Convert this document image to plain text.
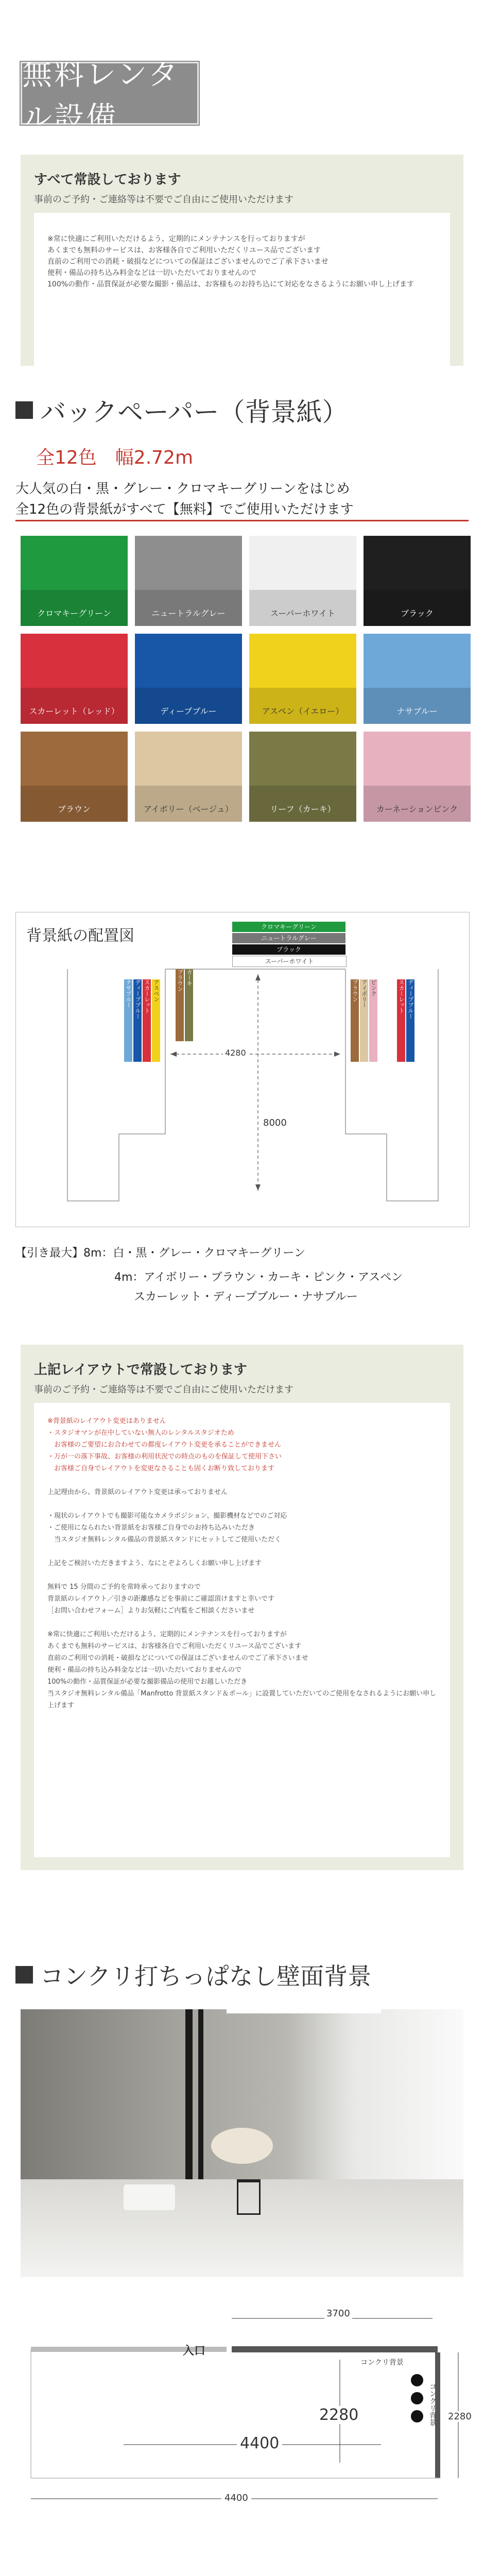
無料レンタル設備
すべて常設しております
事前のご予約・ご連絡等は不要でご自由にご使用いただけます
※常に快適にご利用いただけるよう、定期的にメンテナンスを行っておりますが
あくまでも無料のサービスは、お客様各自でご利用いただくリユース品でございます
直前のご利用での消耗・破損などについての保証はございませんのでご了承下さいませ
便利・備品の持ち込み料金などは一切いただいておりませんので
100%の動作・品質保証が必要な撮影・備品は、お客様ものお持ち込にて対応をなさるようにお願い申し上げます
バックペーパー（背景紙）
全12色　幅2.72m
大人気の白・黒・グレー・クロマキーグリーンをはじめ
全12色の背景紙がすべて【無料】でご使用いただけます
クロマキーグリーン	ニュートラルグレー	スーパーホワイト	ブラック
スカーレット（レッド）	ディープブルー	アスペン（イエロー）	ナサブルー
ブラウン	アイボリー（ベージュ）	リーフ（カーキ）	カーネーションピンク
背景紙の配置図	クロマキーグリーン
ニュートラルグレー
ブラック
スーパーホワイト
4280
8000
ナサブルー ディープブルー スカーレット アスペン	ブラウン カーキ
ブラウン アイボリー ピンク	スカーレット ディープブルー
【引き最大】8m：白・黒・グレー・クロマキーグリーン
4m：アイボリー・ブラウン・カーキ・ピンク・アスペン
スカーレット・ディープブルー・ナサブルー
上記レイアウトで常設しております
事前のご予約・ご連絡等は不要でご自由にご使用いただけます
※背景紙のレイアウト変更はありません
・スタジオマンが在中していない無人のレンタルスタジオため
　お客様のご要望にお合わせての都度レイアウト変更を承ることができません
・万が一の落下事故、お客様の利用状況での時点のものを保証して使用下さい
　お客様ご自身でレイアウトを変更なさることも固くお断り致しております
上記理由から、背景紙のレイアウト変更は承っておりません
・現状のレイアウトでも撮影可能なカメラポジション、撮影機材などでのご対応
・ご使用になられたい背景紙をお客様ご自身でのお持ち込みいただき
　当スタジオ無料レンタル備品の背景紙スタンドにセットしてご使用いただく
上記をご検討いただきますよう、なにとぞよろしくお願い申し上げます
無料で 15 分間のご予約を常時承っておりますので
背景紙のレイアウト／引きの距離感などを事前にご確認頂けますと幸いです
［お問い合わせフォーム］よりお気軽にご内覧をご相談くださいませ
※常に快適にご利用いただけるよう、定期的にメンテナンスを行っておりますが
あくまでも無料のサービスは、お客様各自でご利用いただくリユース品でございます
直前のご利用での消耗・破損などについての保証はございませんのでご了承下さいませ
便利・備品の持ち込み料金などは一切いただいておりませんので
100%の動作・品質保証が必要な撮影備品の使用でお越しいただき
当スタジオ無料レンタル備品「Manfrotto 背景紙スタンド＆ポール」に設置していただいてのご使用をなされるようにお願い申し上げます
コンクリ打ちっぱなし壁面背景
入口
3700
コンクリ背景
コンクリ背景 2280
2280
4400
4400
